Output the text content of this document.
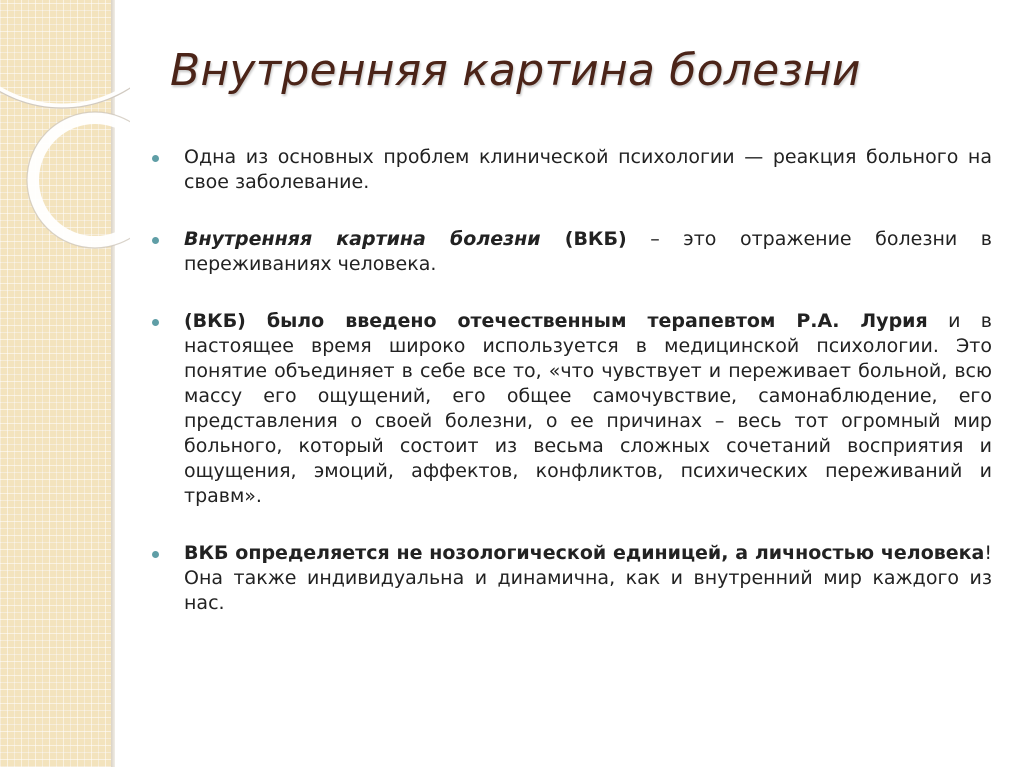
Внутренняя картина болезни
Одна из основных проблем клинической психологии — реакция больного на свое заболевание.
Внутренняя картина болезни (ВКБ) – это отражение болезни в переживаниях человека.
(ВКБ) было введено отечественным терапевтом Р.А. Лурия и в настоящее время широко используется в медицинской психологии. Это понятие объединяет в себе все то, «что чувствует и переживает больной, всю массу его ощущений, его общее самочувствие, самонаблюдение, его представления о своей болезни, о ее причинах – весь тот огромный мир больного, который состоит из весьма сложных сочетаний восприятия и ощущения, эмоций, аффектов, конфликтов, психических переживаний и травм».
ВКБ определяется не нозологической единицей, а личностью человека! Она также индивидуальна и динамична, как и внутренний мир каждого из нас.
